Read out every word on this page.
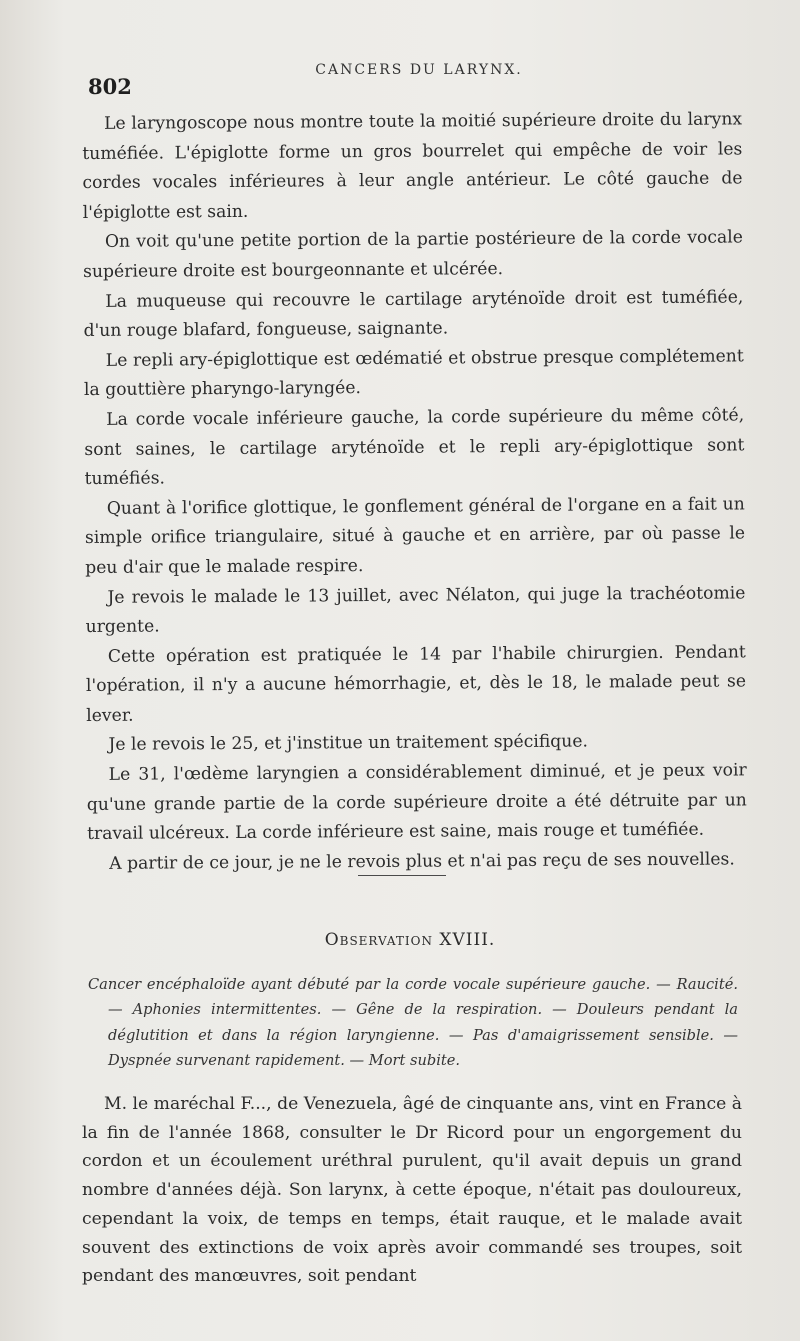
802
CANCERS DU LARYNX.

Le laryngoscope nous montre toute la moitié supérieure droite du larynx tuméfiée. L'épiglotte forme un gros bourrelet qui empêche de voir les cordes vocales inférieures à leur angle antérieur. Le côté gauche de l'épiglotte est sain.

On voit qu'une petite portion de la partie postérieure de la corde vocale supérieure droite est bourgeonnante et ulcérée.

La muqueuse qui recouvre le cartilage aryténoïde droit est tuméfiée, d'un rouge blafard, fongueuse, saignante.

Le repli ary-épiglottique est œdématié et obstrue presque complétement la gouttière pharyngo-laryngée.

La corde vocale inférieure gauche, la corde supérieure du même côté, sont saines, le cartilage aryténoïde et le repli ary-épiglottique sont tuméfiés.

Quant à l'orifice glottique, le gonflement général de l'organe en a fait un simple orifice triangulaire, situé à gauche et en arrière, par où passe le peu d'air que le malade respire.

Je revois le malade le 13 juillet, avec Nélaton, qui juge la trachéotomie urgente.

Cette opération est pratiquée le 14 par l'habile chirurgien. Pendant l'opération, il n'y a aucune hémorrhagie, et, dès le 18, le malade peut se lever.

Je le revois le 25, et j'institue un traitement spécifique.

Le 31, l'œdème laryngien a considérablement diminué, et je peux voir qu'une grande partie de la corde supérieure droite a été détruite par un travail ulcéreux. La corde inférieure est saine, mais rouge et tuméfiée.

A partir de ce jour, je ne le revois plus et n'ai pas reçu de ses nouvelles.

Observation XVIII.
Cancer encéphaloïde ayant débuté par la corde vocale supérieure gauche. — Raucité. — Aphonies intermittentes. — Gêne de la respiration. — Douleurs pendant la déglutition et dans la région laryngienne. — Pas d'amaigrissement sensible. — Dyspnée survenant rapidement. — Mort subite.

M. le maréchal F..., de Venezuela, âgé de cinquante ans, vint en France à la fin de l'année 1868, consulter le Dr Ricord pour un engorgement du cordon et un écoulement uréthral purulent, qu'il avait depuis un grand nombre d'années déjà. Son larynx, à cette époque, n'était pas douloureux, cependant la voix, de temps en temps, était rauque, et le malade avait souvent des extinctions de voix après avoir commandé ses troupes, soit pendant des manœuvres, soit pendant
